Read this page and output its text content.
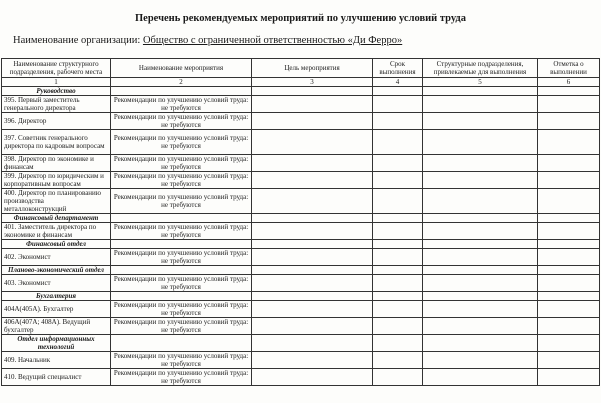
Перечень рекомендуемых мероприятий по улучшению условий труда
Наименование организации: Общество с ограниченной ответственностью «Ди Ферро»
Наименование структурного подразделения, рабочего места	Наименование мероприятия	Цель мероприятия	Срок выполнения	Структурные подразделения, привлекаемые для выполнения	Отметка о выполнении
1	2	3	4	5	6
Руководство					
395. Первый заместитель генерального директора	Рекомендации по улучшению условий труда: не требуются				
396. Директор	Рекомендации по улучшению условий труда: не требуются				
397. Советник генерального директора по кадровым вопросам	Рекомендации по улучшению условий труда: не требуются				
398. Директор по экономике и финансам	Рекомендации по улучшению условий труда: не требуются				
399. Директор по юридическим и корпоративным вопросам	Рекомендации по улучшению условий труда: не требуются				
400. Директор по планированию производства металлоконструкций	Рекомендации по улучшению условий труда: не требуются				
Финансовый департамент					
401. Заместитель директора по экономике и финансам	Рекомендации по улучшению условий труда: не требуются				
Финансовый отдел					
402. Экономист	Рекомендации по улучшению условий труда: не требуются				
Планово-экономический отдел					
403. Экономист	Рекомендации по улучшению условий труда: не требуются				
Бухгалтерия					
404А(405А). Бухгалтер	Рекомендации по улучшению условий труда: не требуются				
406А(407А; 408А). Ведущий бухгалтер	Рекомендации по улучшению условий труда: не требуются				
Отдел информационных технологий					
409. Начальник	Рекомендации по улучшению условий труда: не требуются				
410. Ведущий специалист	Рекомендации по улучшению условий труда: не требуются				
